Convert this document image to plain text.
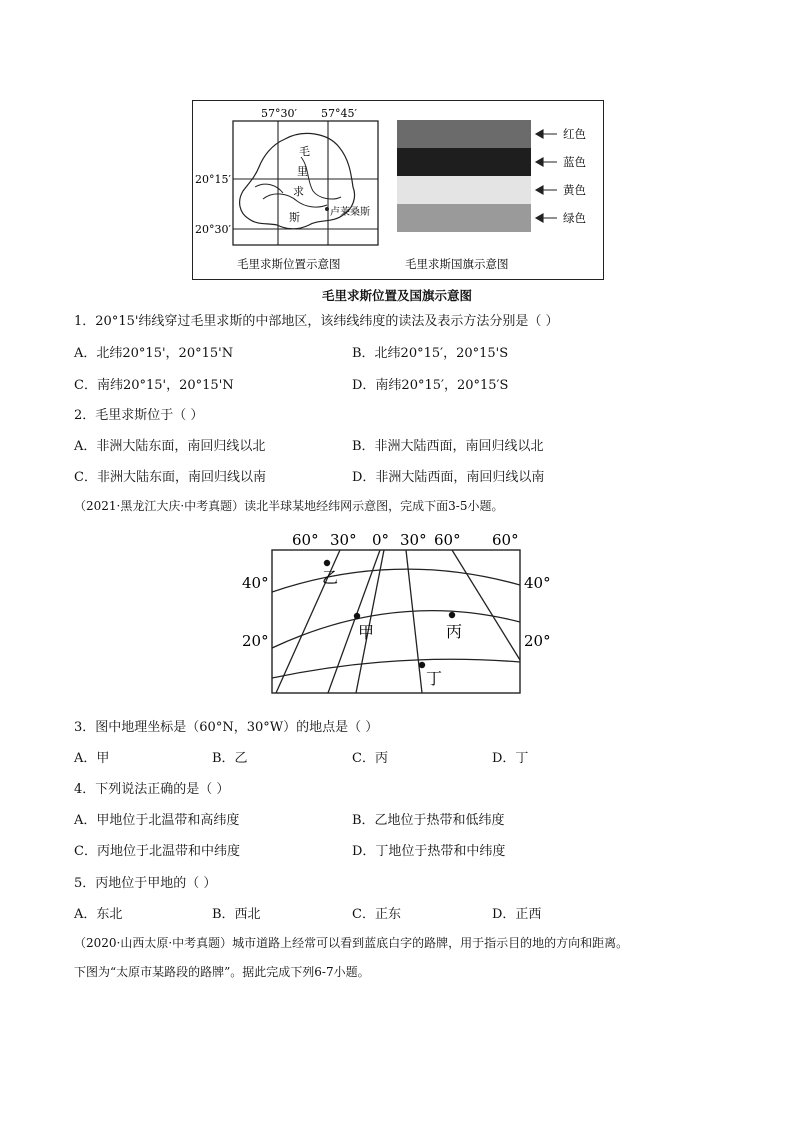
57°30′ 57°45′
20°15′
20°30′
毛
里
求
斯	卢莱桑斯
毛里求斯位置示意图
红色
蓝色
黄色
绿色
毛里求斯国旗示意图
毛里求斯位置及国旗示意图
1．20°15'纬线穿过毛里求斯的中部地区，该纬线纬度的读法及表示方法分别是（ ）
A．北纬20°15'，20°15'N	B．北纬20°15′，20°15'S
C．南纬20°15'，20°15'N	D．南纬20°15′，20°15′S
2．毛里求斯位于（ ）
A．非洲大陆东面，南回归线以北	B．非洲大陆西面，南回归线以北
C．非洲大陆东面，南回归线以南	D．非洲大陆西面，南回归线以南
（2021·黑龙江大庆·中考真题）读北半球某地经纬网示意图，完成下面3-5小题。
60° 30° 0° 30° 60° 60°
40°
20°
40°
20°
乙
甲	丙
丁
3．图中地理坐标是（60°N，30°W）的地点是（ ）
A．甲	B．乙	C．丙	D．丁
4．下列说法正确的是（ ）
A．甲地位于北温带和高纬度	B．乙地位于热带和低纬度
C．丙地位于北温带和中纬度	D．丁地位于热带和中纬度
5．丙地位于甲地的（ ）
A．东北	B．西北	C．正东	D．正西
（2020·山西太原·中考真题）城市道路上经常可以看到蓝底白字的路牌，用于指示目的地的方向和距离。
下图为“太原市某路段的路牌”。据此完成下列6-7小题。
